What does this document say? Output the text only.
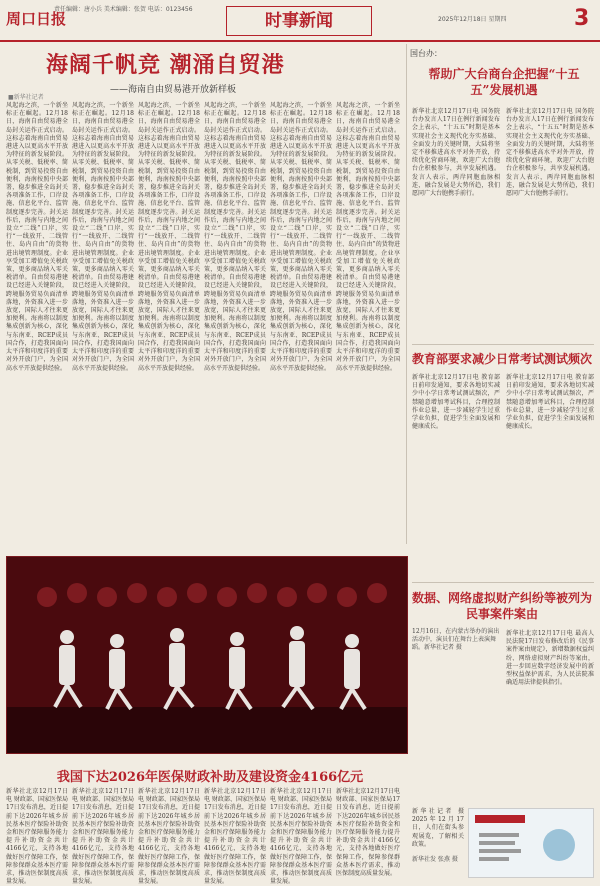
周口日报
责任编辑：唐小兵 美术编辑：张贺 电话：0123456
时事新闻	2025年12月18日 星期四	3
海阔千帆竞 潮涌自贸港
——海南自由贸易港开放新样板
■新华社记者
风起海之滨，一个新坐标正在崛起。12月18日，海南自由贸易港全岛封关运作正式启动。这标志着海南自由贸易港进入以更高水平开放为特征的新发展阶段。从零关税、低税率、简税制，到贸易投资自由便利，海南按照中央部署，稳步推进全岛封关各项准备工作，口岸设施、信息化平台、监管制度逐步完善。封关运作后，海南与内地之间设立“二线”口岸，实行“一线放开、二线管住、岛内自由”的货物进出境管理制度。企业享受加工增值免关税政策，更多商品纳入零关税清单。自由贸易港建设已经进入关键阶段，跨境服务贸易负面清单落地，外资准入进一步放宽，国际人才往来更加便利。海南将以制度集成创新为核心，深化与东南亚、RCEP成员国合作，打造我国面向太平洋和印度洋的重要对外开放门户，为全国高水平开放提供经验。
风起海之滨，一个新坐标正在崛起。12月18日，海南自由贸易港全岛封关运作正式启动。这标志着海南自由贸易港进入以更高水平开放为特征的新发展阶段。从零关税、低税率、简税制，到贸易投资自由便利，海南按照中央部署，稳步推进全岛封关各项准备工作，口岸设施、信息化平台、监管制度逐步完善。封关运作后，海南与内地之间设立“二线”口岸，实行“一线放开、二线管住、岛内自由”的货物进出境管理制度。企业享受加工增值免关税政策，更多商品纳入零关税清单。自由贸易港建设已经进入关键阶段，跨境服务贸易负面清单落地，外资准入进一步放宽，国际人才往来更加便利。海南将以制度集成创新为核心，深化与东南亚、RCEP成员国合作，打造我国面向太平洋和印度洋的重要对外开放门户，为全国高水平开放提供经验。
风起海之滨，一个新坐标正在崛起。12月18日，海南自由贸易港全岛封关运作正式启动。这标志着海南自由贸易港进入以更高水平开放为特征的新发展阶段。从零关税、低税率、简税制，到贸易投资自由便利，海南按照中央部署，稳步推进全岛封关各项准备工作，口岸设施、信息化平台、监管制度逐步完善。封关运作后，海南与内地之间设立“二线”口岸，实行“一线放开、二线管住、岛内自由”的货物进出境管理制度。企业享受加工增值免关税政策，更多商品纳入零关税清单。自由贸易港建设已经进入关键阶段，跨境服务贸易负面清单落地，外资准入进一步放宽，国际人才往来更加便利。海南将以制度集成创新为核心，深化与东南亚、RCEP成员国合作，打造我国面向太平洋和印度洋的重要对外开放门户，为全国高水平开放提供经验。
风起海之滨，一个新坐标正在崛起。12月18日，海南自由贸易港全岛封关运作正式启动。这标志着海南自由贸易港进入以更高水平开放为特征的新发展阶段。从零关税、低税率、简税制，到贸易投资自由便利，海南按照中央部署，稳步推进全岛封关各项准备工作，口岸设施、信息化平台、监管制度逐步完善。封关运作后，海南与内地之间设立“二线”口岸，实行“一线放开、二线管住、岛内自由”的货物进出境管理制度。企业享受加工增值免关税政策，更多商品纳入零关税清单。自由贸易港建设已经进入关键阶段，跨境服务贸易负面清单落地，外资准入进一步放宽，国际人才往来更加便利。海南将以制度集成创新为核心，深化与东南亚、RCEP成员国合作，打造我国面向太平洋和印度洋的重要对外开放门户，为全国高水平开放提供经验。
风起海之滨，一个新坐标正在崛起。12月18日，海南自由贸易港全岛封关运作正式启动。这标志着海南自由贸易港进入以更高水平开放为特征的新发展阶段。从零关税、低税率、简税制，到贸易投资自由便利，海南按照中央部署，稳步推进全岛封关各项准备工作，口岸设施、信息化平台、监管制度逐步完善。封关运作后，海南与内地之间设立“二线”口岸，实行“一线放开、二线管住、岛内自由”的货物进出境管理制度。企业享受加工增值免关税政策，更多商品纳入零关税清单。自由贸易港建设已经进入关键阶段，跨境服务贸易负面清单落地，外资准入进一步放宽，国际人才往来更加便利。海南将以制度集成创新为核心，深化与东南亚、RCEP成员国合作，打造我国面向太平洋和印度洋的重要对外开放门户，为全国高水平开放提供经验。
风起海之滨，一个新坐标正在崛起。12月18日，海南自由贸易港全岛封关运作正式启动。这标志着海南自由贸易港进入以更高水平开放为特征的新发展阶段。从零关税、低税率、简税制，到贸易投资自由便利，海南按照中央部署，稳步推进全岛封关各项准备工作，口岸设施、信息化平台、监管制度逐步完善。封关运作后，海南与内地之间设立“二线”口岸，实行“一线放开、二线管住、岛内自由”的货物进出境管理制度。企业享受加工增值免关税政策，更多商品纳入零关税清单。自由贸易港建设已经进入关键阶段，跨境服务贸易负面清单落地，外资准入进一步放宽，国际人才往来更加便利。海南将以制度集成创新为核心，深化与东南亚、RCEP成员国合作，打造我国面向太平洋和印度洋的重要对外开放门户，为全国高水平开放提供经验。
国台办：
帮助广大台商台企把握“十五五”发展机遇
新华社北京12月17日电 国务院台办发言人17日在例行新闻发布会上表示，“十五五”时期是基本实现社会主义现代化夯实基础、全面发力的关键时期，大陆将坚定不移推进高水平对外开放，持续优化营商环境，欢迎广大台胞台企积极参与，共享发展机遇。发言人表示，两岸同胞血脉相连，融合发展是大势所趋，我们愿同广大台胞携手前行。
新华社北京12月17日电 国务院台办发言人17日在例行新闻发布会上表示，“十五五”时期是基本实现社会主义现代化夯实基础、全面发力的关键时期，大陆将坚定不移推进高水平对外开放，持续优化营商环境，欢迎广大台胞台企积极参与，共享发展机遇。发言人表示，两岸同胞血脉相连，融合发展是大势所趋，我们愿同广大台胞携手前行。
教育部要求减少日常考试测试频次
新华社北京12月17日电 教育部日前印发通知，要求各地切实减少中小学日常考试测试频次，严禁随意增加考试科目，合理控制作业总量，进一步减轻学生过重学业负担，促进学生全面发展和健康成长。
新华社北京12月17日电 教育部日前印发通知，要求各地切实减少中小学日常考试测试频次，严禁随意增加考试科目，合理控制作业总量，进一步减轻学生过重学业负担，促进学生全面发展和健康成长。
数据、网络虚拟财产纠纷等被列为民事案件案由
新华社北京12月17日电 最高人民法院17日发布修改后的《民事案件案由规定》，新增数据权益纠纷、网络虚拟财产纠纷等案由，进一步回应数字经济发展中的新型权益保护需求，为人民法院准确适用法律提供指引。
12月16日，在内蒙古举办的演出活动中，演员们在舞台上表演舞蹈。新华社记者 摄
我国下达2026年医保财政补助及建设资金4166亿元
新华社北京12月17日电 财政部、国家医保局17日发布消息，近日提前下达2026年城乡居民基本医疗保险补助资金和医疗保障服务能力提升补助资金共计4166亿元，支持各地做好医疗保障工作，保障参保群众基本医疗需求，推动医保制度高质量发展。
新华社北京12月17日电 财政部、国家医保局17日发布消息，近日提前下达2026年城乡居民基本医疗保险补助资金和医疗保障服务能力提升补助资金共计4166亿元，支持各地做好医疗保障工作，保障参保群众基本医疗需求，推动医保制度高质量发展。
新华社北京12月17日电 财政部、国家医保局17日发布消息，近日提前下达2026年城乡居民基本医疗保险补助资金和医疗保障服务能力提升补助资金共计4166亿元，支持各地做好医疗保障工作，保障参保群众基本医疗需求，推动医保制度高质量发展。
新华社北京12月17日电 财政部、国家医保局17日发布消息，近日提前下达2026年城乡居民基本医疗保险补助资金和医疗保障服务能力提升补助资金共计4166亿元，支持各地做好医疗保障工作，保障参保群众基本医疗需求，推动医保制度高质量发展。
新华社北京12月17日电 财政部、国家医保局17日发布消息，近日提前下达2026年城乡居民基本医疗保险补助资金和医疗保障服务能力提升补助资金共计4166亿元，支持各地做好医疗保障工作，保障参保群众基本医疗需求，推动医保制度高质量发展。
新华社北京12月17日电 财政部、国家医保局17日发布消息，近日提前下达2026年城乡居民基本医疗保险补助资金和医疗保障服务能力提升补助资金共计4166亿元，支持各地做好医疗保障工作，保障参保群众基本医疗需求，推动医保制度高质量发展。
新华社记者 摄 2025年12月17日，人们在街头参观展览，了解相关政策。
新华社发 张燕 摄
